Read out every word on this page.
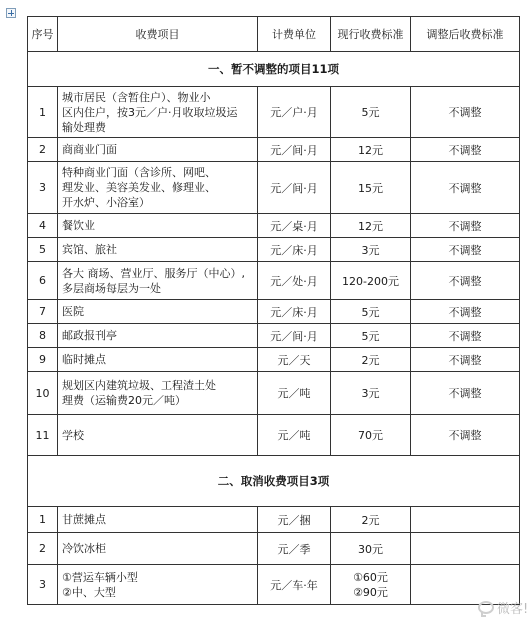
序号	收费项目	计费单位	现行收费标准	调整后收费标准
一、暂不调整的项目11项				
1	城市居民（含暂住户）、物业小
区内住户，按3元／户·月收取垃圾运
输处理费	元／户·月	5元	不调整
2	商商业门面	元／间·月	12元	不调整
3	特种商业门面（含诊所、网吧、
理发业、美容美发业、修理业、
开水炉、小浴室）	元／间·月	15元	不调整
4	餐饮业	元／桌·月	12元	不调整
5	宾馆、旅社	元／床·月	3元	不调整
6	各大 商场、营业厅、服务厅（中心）,
多层商场每层为一处	元／处·月	120-200元	不调整
7	医院	元／床·月	5元	不调整
8	邮政报刊亭	元／间·月	5元	不调整
9	临时摊点	元／天	2元	不调整
10	规划区内建筑垃圾、工程渣土处
理费（运输费20元／吨）	元／吨	3元	不调整
11	学校	元／吨	70元	不调整
二、取消收费项目3项				
1	甘蔗摊点	元／捆	2元	
2	冷饮冰柜	元／季	30元	
3	①营运车辆小型
②中、大型	元／车·年	①60元
②90元	
微客!
